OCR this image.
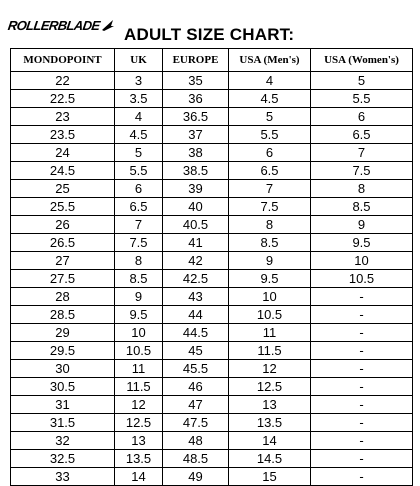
ROLLERBLADE ADULT SIZE CHART:
MONDOPOINT	UK	EUROPE	USA (Men's)	USA (Women's)
22	3	35	4	5
22.5	3.5	36	4.5	5.5
23	4	36.5	5	6
23.5	4.5	37	5.5	6.5
24	5	38	6	7
24.5	5.5	38.5	6.5	7.5
25	6	39	7	8
25.5	6.5	40	7.5	8.5
26	7	40.5	8	9
26.5	7.5	41	8.5	9.5
27	8	42	9	10
27.5	8.5	42.5	9.5	10.5
28	9	43	10	-
28.5	9.5	44	10.5	-
29	10	44.5	11	-
29.5	10.5	45	11.5	-
30	11	45.5	12	-
30.5	11.5	46	12.5	-
31	12	47	13	-
31.5	12.5	47.5	13.5	-
32	13	48	14	-
32.5	13.5	48.5	14.5	-
33	14	49	15	-
